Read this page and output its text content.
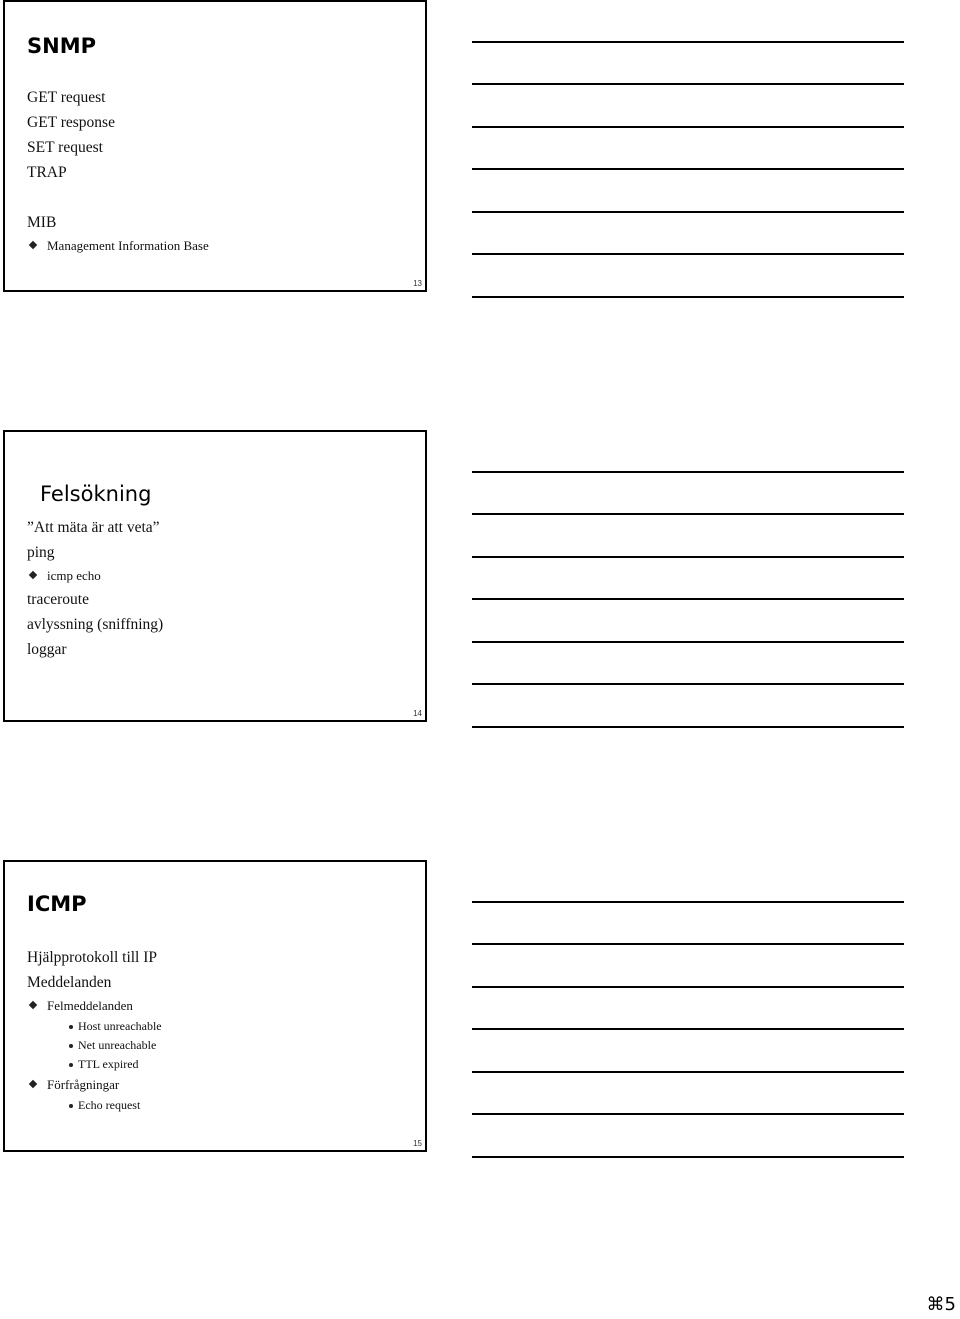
SNMP
GET request
GET response
SET request
TRAP
MIB
Management Information Base
13
Felsökning
”Att mäta är att veta”
ping
icmp echo
traceroute
avlyssning (sniffning)
loggar
14
ICMP
Hjälpprotokoll till IP
Meddelanden
Felmeddelanden
Host unreachable
Net unreachable
TTL expired
Förfrågningar
Echo request
15
⌘5
